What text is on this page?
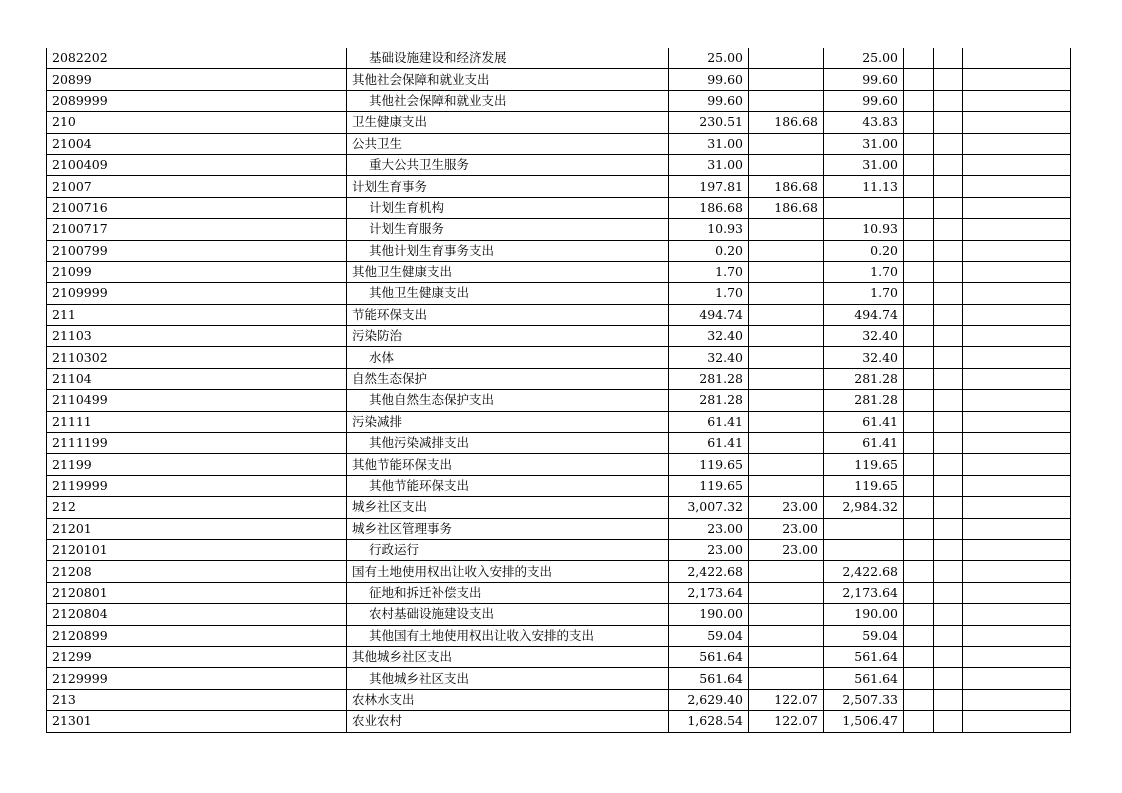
2082202	基础设施建设和经济发展	25.00		25.00			
20899	其他社会保障和就业支出	99.60		99.60			
2089999	其他社会保障和就业支出	99.60		99.60			
210	卫生健康支出	230.51	186.68	43.83			
21004	公共卫生	31.00		31.00			
2100409	重大公共卫生服务	31.00		31.00			
21007	计划生育事务	197.81	186.68	11.13			
2100716	计划生育机构	186.68	186.68				
2100717	计划生育服务	10.93		10.93			
2100799	其他计划生育事务支出	0.20		0.20			
21099	其他卫生健康支出	1.70		1.70			
2109999	其他卫生健康支出	1.70		1.70			
211	节能环保支出	494.74		494.74			
21103	污染防治	32.40		32.40			
2110302	水体	32.40		32.40			
21104	自然生态保护	281.28		281.28			
2110499	其他自然生态保护支出	281.28		281.28			
21111	污染减排	61.41		61.41			
2111199	其他污染减排支出	61.41		61.41			
21199	其他节能环保支出	119.65		119.65			
2119999	其他节能环保支出	119.65		119.65			
212	城乡社区支出	3,007.32	23.00	2,984.32			
21201	城乡社区管理事务	23.00	23.00				
2120101	行政运行	23.00	23.00				
21208	国有土地使用权出让收入安排的支出	2,422.68		2,422.68			
2120801	征地和拆迁补偿支出	2,173.64		2,173.64			
2120804	农村基础设施建设支出	190.00		190.00			
2120899	其他国有土地使用权出让收入安排的支出	59.04		59.04			
21299	其他城乡社区支出	561.64		561.64			
2129999	其他城乡社区支出	561.64		561.64			
213	农林水支出	2,629.40	122.07	2,507.33			
21301	农业农村	1,628.54	122.07	1,506.47			
